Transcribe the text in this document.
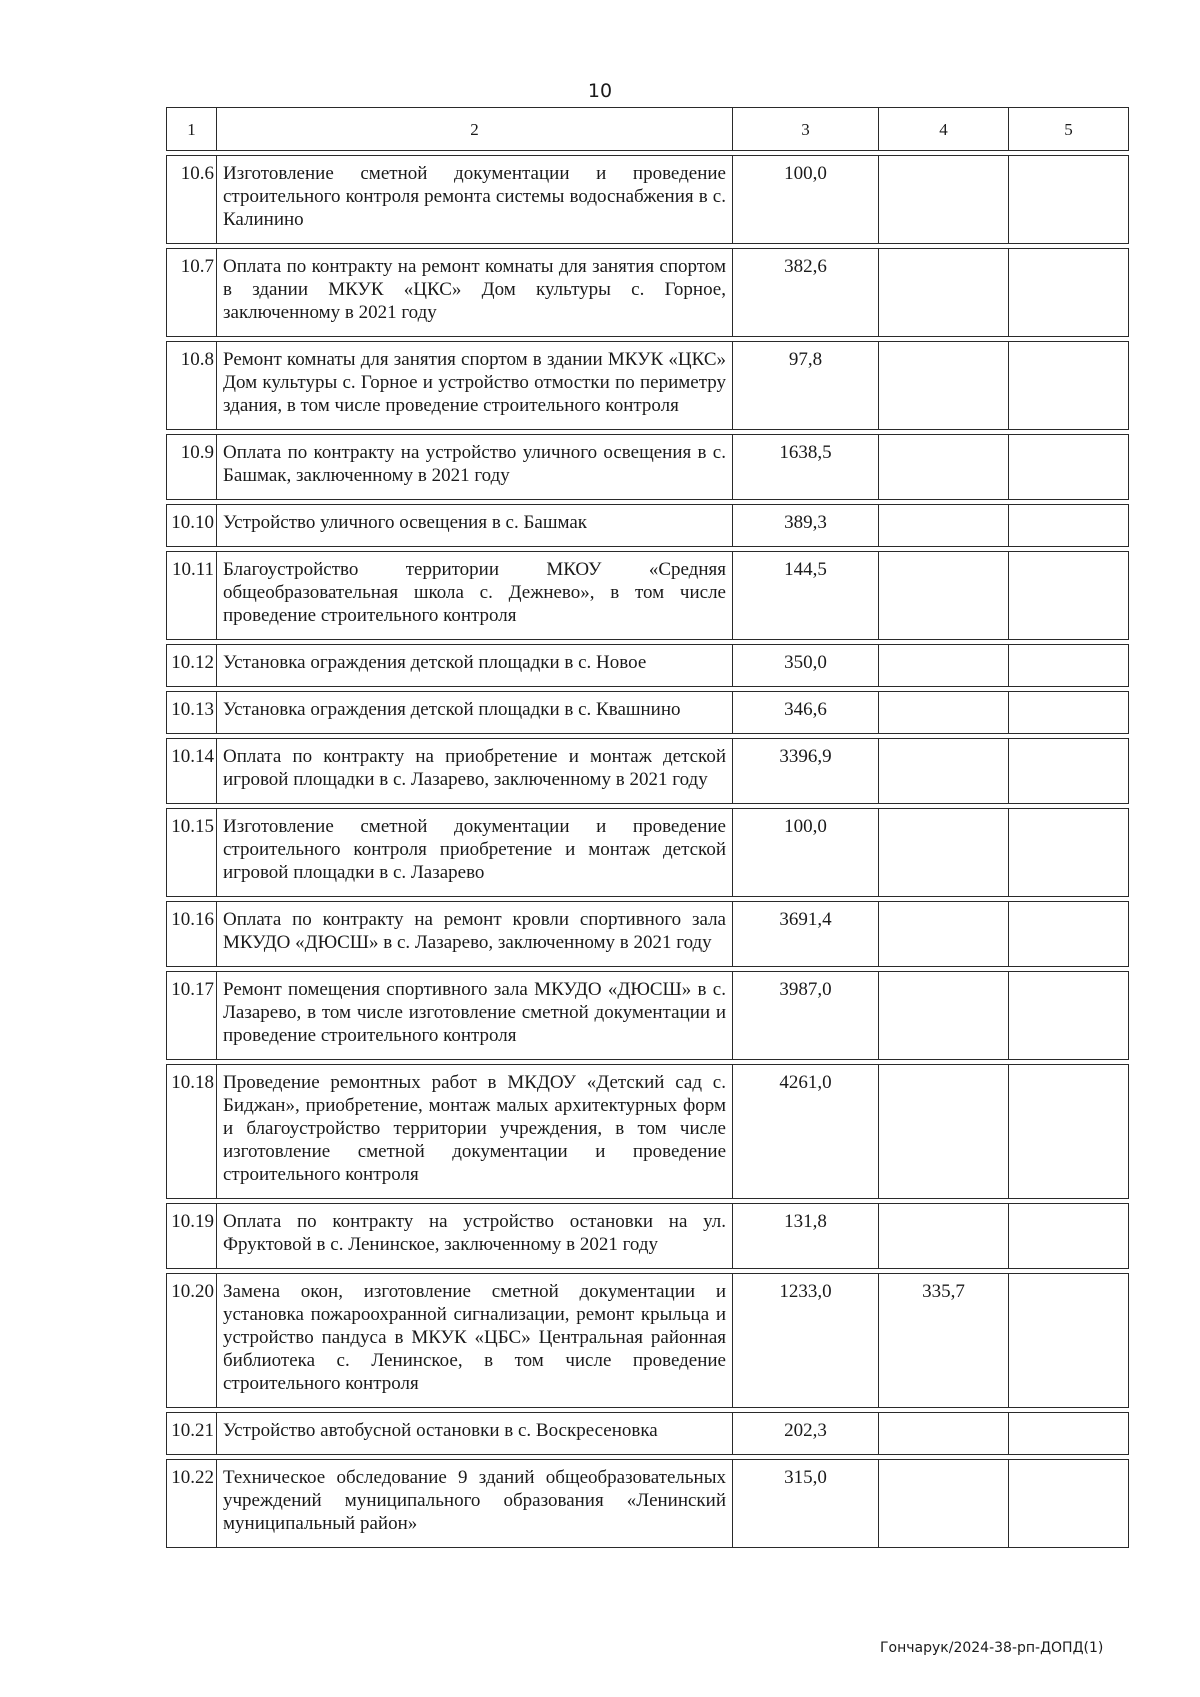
10
1	2	3	4	5

10.6	Изготовление сметной документации и проведение строительного контроля ремонта системы водоснабжения в с. Калинино	100,0		

10.7	Оплата по контракту на ремонт комнаты для занятия спортом в здании МКУК «ЦКС» Дом культуры с. Горное, заключенному в 2021 году	382,6		

10.8	Ремонт комнаты для занятия спортом в здании МКУК «ЦКС» Дом культуры с. Горное и устройство отмостки по периметру здания, в том числе проведение строительного контроля	97,8		

10.9	Оплата по контракту на устройство уличного освещения в с. Башмак, заключенному в 2021 году	1638,5		

10.10	Устройство уличного освещения в с. Башмак	389,3		

10.11	Благоустройство территории МКОУ «Средняя общеобразовательная школа с. Дежнево», в том числе проведение строительного контроля	144,5		

10.12	Установка ограждения детской площадки в с. Новое	350,0		

10.13	Установка ограждения детской площадки в с. Квашнино	346,6		

10.14	Оплата по контракту на приобретение и монтаж детской игровой площадки в с. Лазарево, заключенному в 2021 году	3396,9		

10.15	Изготовление сметной документации и проведение строительного контроля приобретение и монтаж детской игровой площадки в с. Лазарево	100,0		

10.16	Оплата по контракту на ремонт кровли спортивного зала МКУДО «ДЮСШ» в с. Лазарево, заключенному в 2021 году	3691,4		

10.17	Ремонт помещения спортивного зала МКУДО «ДЮСШ» в с. Лазарево, в том числе изготовление сметной документации и проведение строительного контроля	3987,0		

10.18	Проведение ремонтных работ в МКДОУ «Детский сад с. Биджан», приобретение, монтаж малых архитектурных форм и благоустройство территории учреждения, в том числе изготовление сметной документации и проведение строительного контроля	4261,0		

10.19	Оплата по контракту на устройство остановки на ул. Фруктовой в с. Ленинское, заключенному в 2021 году	131,8		

10.20	Замена окон, изготовление сметной документации и установка пожароохранной сигнализации, ремонт крыльца и устройство пандуса в МКУК «ЦБС» Центральная районная библиотека с. Ленинское, в том числе проведение строительного контроля	1233,0	335,7	

10.21	Устройство автобусной остановки в с. Воскресеновка	202,3		

10.22	Техническое обследование 9 зданий общеобразовательных учреждений муниципального образования «Ленинский муниципальный район»	315,0		
Гончарук/2024-38-рп-ДОПД(1)
